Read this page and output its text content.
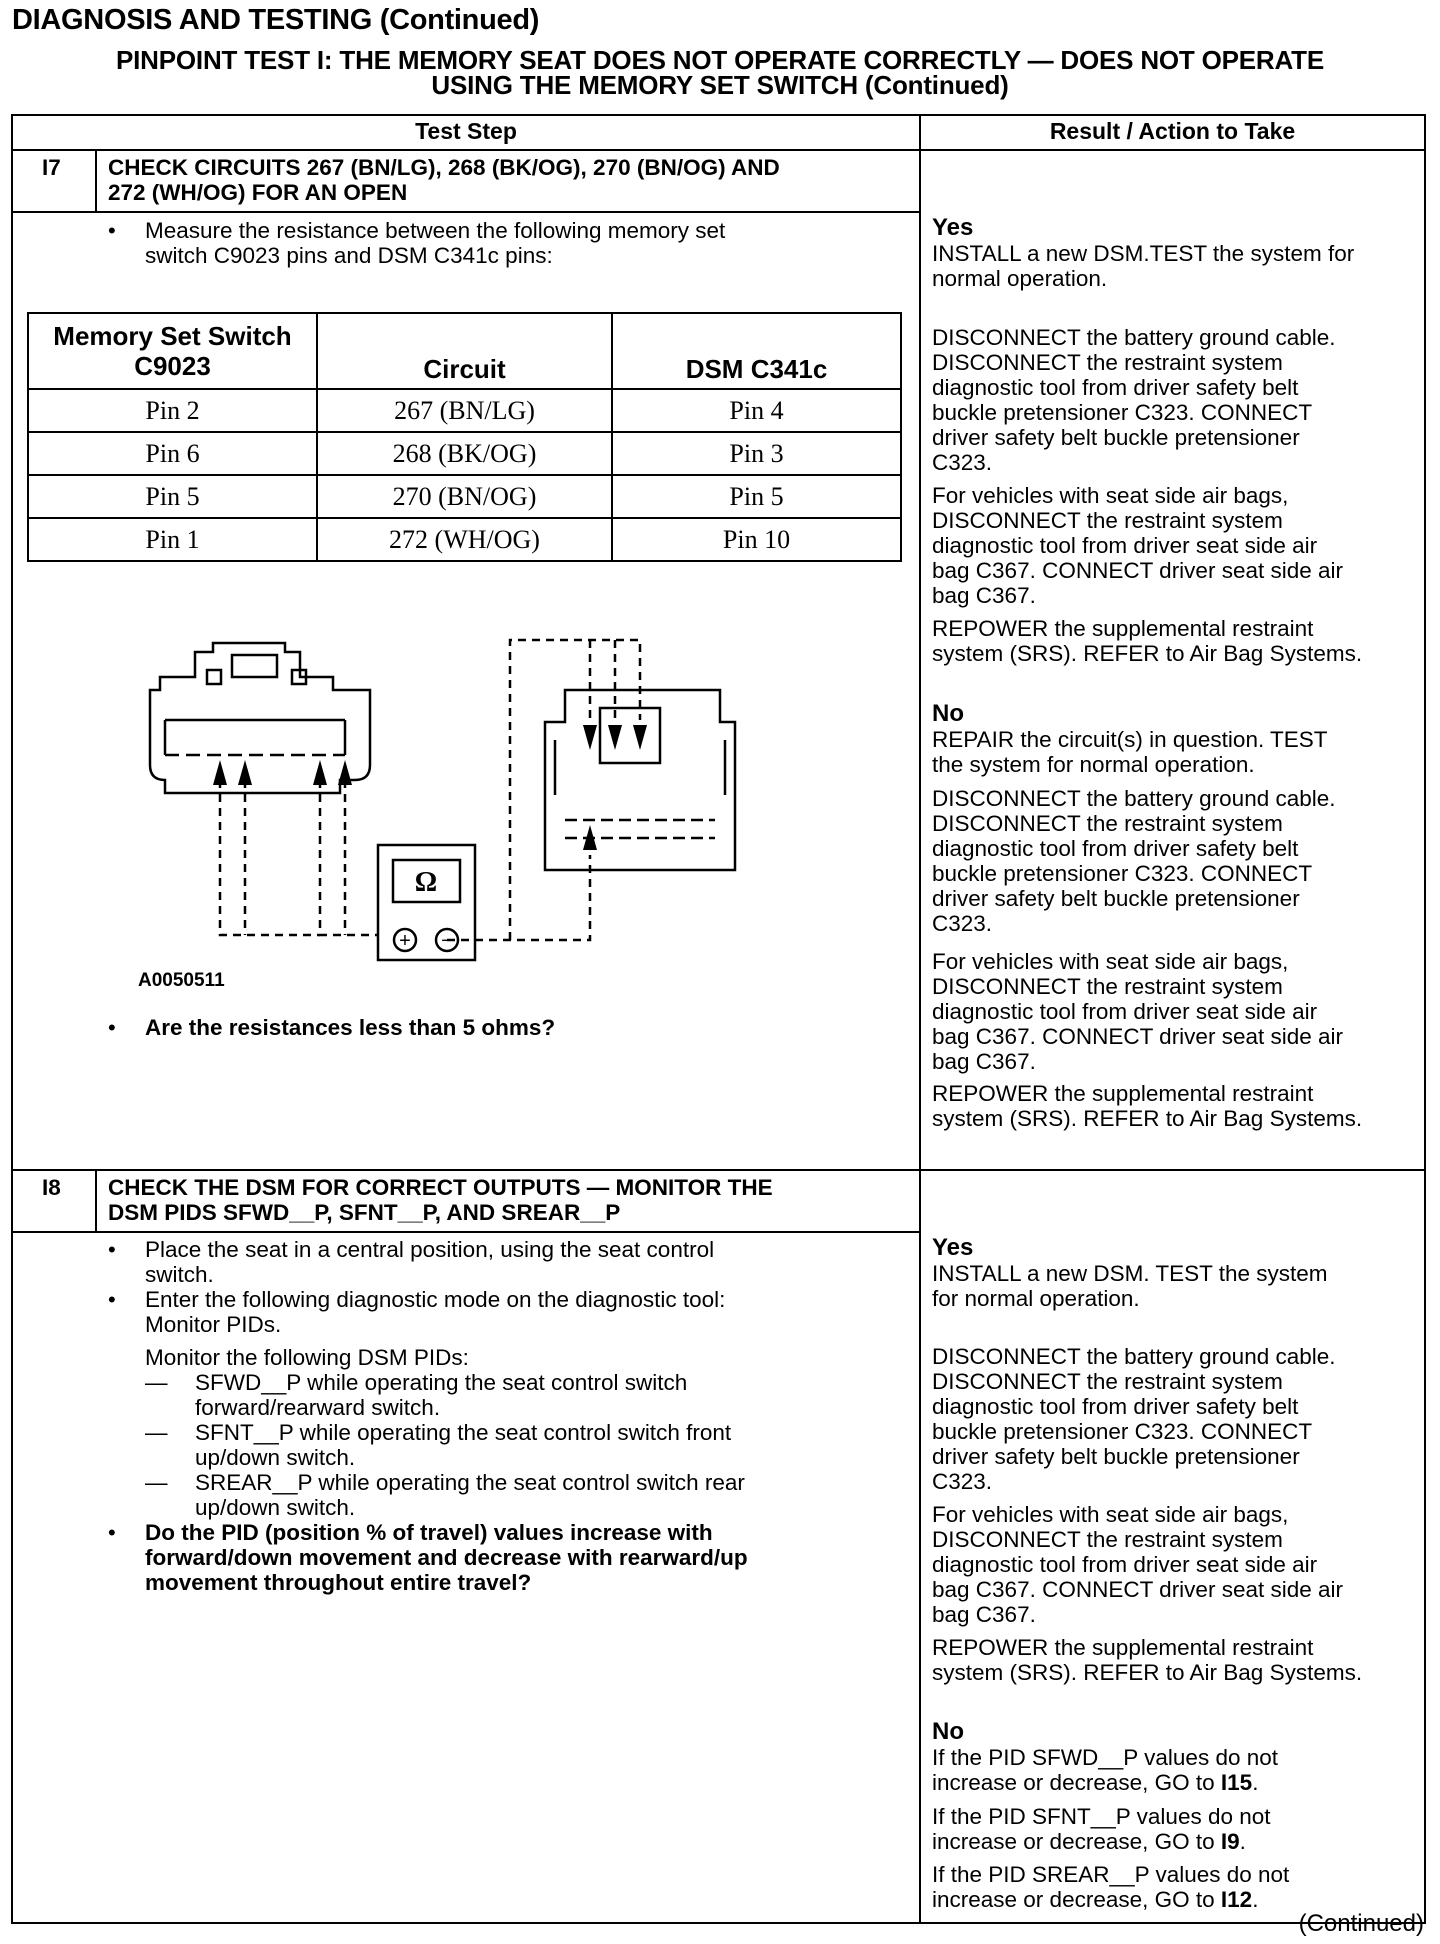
DIAGNOSIS AND TESTING (Continued)
PINPOINT TEST I: THE MEMORY SEAT DOES NOT OPERATE CORRECTLY — DOES NOT OPERATE
USING THE MEMORY SET SWITCH (Continued)
Test Step	Result / Action to Take
I7 CHECK CIRCUITS 267 (BN/LG), 268 (BK/OG), 270 (BN/OG) AND
272 (WH/OG) FOR AN OPEN
• Measure the resistance between the following memory set
switch C9023 pins and DSM C341c pins:
Memory Set Switch
C9023	Circuit	DSM C341c
Pin 2	267 (BN/LG)	Pin 4
Pin 6	268 (BK/OG)	Pin 3
Pin 5	270 (BN/OG)	Pin 5
Pin 1	272 (WH/OG)	Pin 10
Ω
+ −
A0050511
• Are the resistances less than 5 ohms?
Yes
INSTALL a new DSM.TEST the system for
normal operation.
DISCONNECT the battery ground cable.
DISCONNECT the restraint system
diagnostic tool from driver safety belt
buckle pretensioner C323. CONNECT
driver safety belt buckle pretensioner
C323.
For vehicles with seat side air bags,
DISCONNECT the restraint system
diagnostic tool from driver seat side air
bag C367. CONNECT driver seat side air
bag C367.
REPOWER the supplemental restraint
system (SRS). REFER to Air Bag Systems.
No
REPAIR the circuit(s) in question. TEST
the system for normal operation.
DISCONNECT the battery ground cable.
DISCONNECT the restraint system
diagnostic tool from driver safety belt
buckle pretensioner C323. CONNECT
driver safety belt buckle pretensioner
C323.
For vehicles with seat side air bags,
DISCONNECT the restraint system
diagnostic tool from driver seat side air
bag C367. CONNECT driver seat side air
bag C367.
REPOWER the supplemental restraint
system (SRS). REFER to Air Bag Systems.
I8 CHECK THE DSM FOR CORRECT OUTPUTS — MONITOR THE
DSM PIDS SFWD__P, SFNT__P, AND SREAR__P
• Place the seat in a central position, using the seat control
switch.
• Enter the following diagnostic mode on the diagnostic tool:
Monitor PIDs.
Monitor the following DSM PIDs:
— SFWD__P while operating the seat control switch
forward/rearward switch.
— SFNT__P while operating the seat control switch front
up/down switch.
— SREAR__P while operating the seat control switch rear
up/down switch.
• Do the PID (position % of travel) values increase with
forward/down movement and decrease with rearward/up
movement throughout entire travel?
Yes
INSTALL a new DSM. TEST the system
for normal operation.
DISCONNECT the battery ground cable.
DISCONNECT the restraint system
diagnostic tool from driver safety belt
buckle pretensioner C323. CONNECT
driver safety belt buckle pretensioner
C323.
For vehicles with seat side air bags,
DISCONNECT the restraint system
diagnostic tool from driver seat side air
bag C367. CONNECT driver seat side air
bag C367.
REPOWER the supplemental restraint
system (SRS). REFER to Air Bag Systems.
No
If the PID SFWD__P values do not
increase or decrease, GO to I15.
If the PID SFNT__P values do not
increase or decrease, GO to I9.
If the PID SREAR__P values do not
increase or decrease, GO to I12.
(Continued)
